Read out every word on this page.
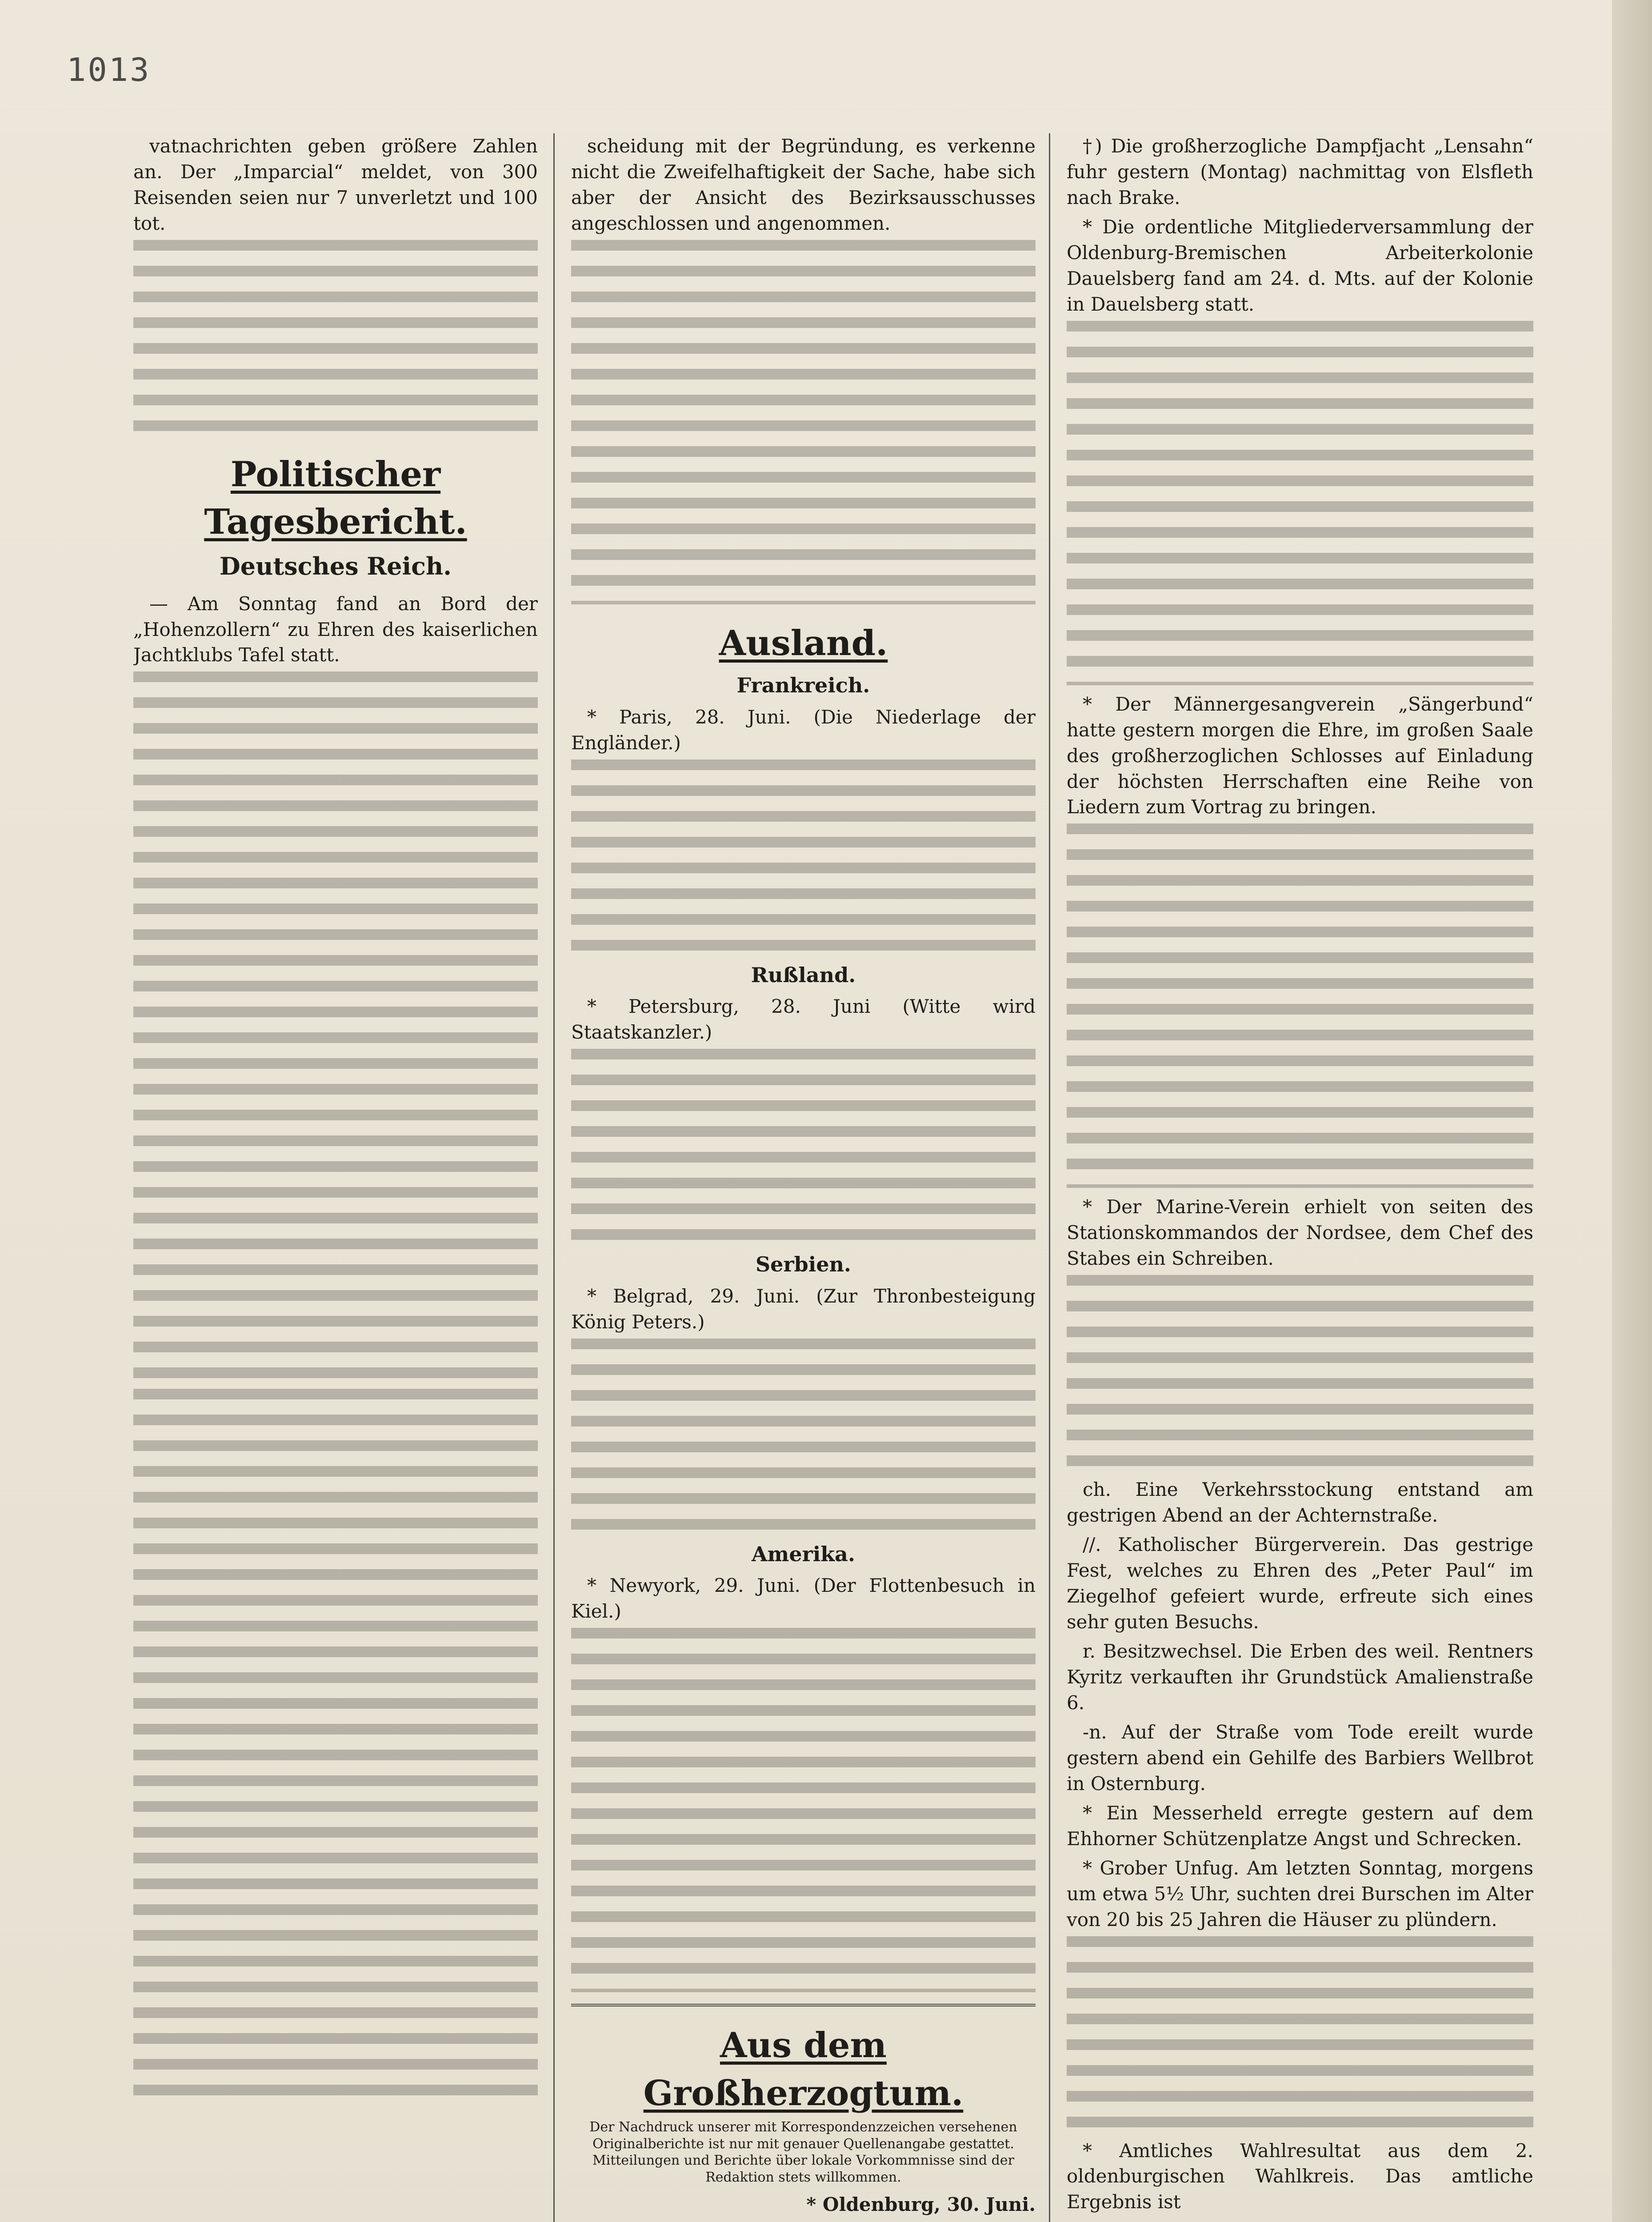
1013

vatnachrichten geben größere Zahlen an. Der „Imparcial“ meldet, von 300 Reisenden seien nur 7 unverletzt und 100 tot.

Politischer Tagesbericht.
Deutsches Reich.

— Am Sonntag fand an Bord der „Hohenzollern“ zu Ehren des kaiserlichen Jachtklubs Tafel statt.

scheidung mit der Begründung, es verkenne nicht die Zweifelhaftigkeit der Sache, habe sich aber der Ansicht des Bezirksausschusses angeschlossen und angenommen.

Ausland.
Frankreich.

* Paris, 28. Juni. (Die Niederlage der Engländer.)

Rußland.

* Petersburg, 28. Juni (Witte wird Staatskanzler.)

Serbien.

* Belgrad, 29. Juni. (Zur Thronbesteigung König Peters.)

Amerika.

* Newyork, 29. Juni. (Der Flottenbesuch in Kiel.)

Aus dem Großherzogtum.
Der Nachdruck unserer mit Korrespondenzzeichen versehenen Originalberichte ist nur mit genauer Quellenangabe gestattet. Mitteilungen und Berichte über lokale Vorkommnisse sind der Redaktion stets willkommen.

* Oldenburg, 30. Juni.

†) Die großherzogliche Dampfjacht „Lensahn“ fuhr gestern (Montag) nachmittag von Elsfleth nach Brake.

* Die ordentliche Mitgliederversammlung der Oldenburg-Bremischen Arbeiterkolonie Dauelsberg fand am 24. d. Mts. auf der Kolonie in Dauelsberg statt.

* Der Männergesangverein „Sängerbund“ hatte gestern morgen die Ehre, im großen Saale des großherzoglichen Schlosses auf Einladung der höchsten Herrschaften eine Reihe von Liedern zum Vortrag zu bringen.

* Der Marine-Verein erhielt von seiten des Stationskommandos der Nordsee, dem Chef des Stabes ein Schreiben.

ch. Eine Verkehrsstockung entstand am gestrigen Abend an der Achternstraße.

//. Katholischer Bürgerverein. Das gestrige Fest, welches zu Ehren des „Peter Paul“ im Ziegelhof gefeiert wurde, erfreute sich eines sehr guten Besuchs.

r. Besitzwechsel. Die Erben des weil. Rentners Kyritz verkauften ihr Grundstück Amalienstraße 6.

-n. Auf der Straße vom Tode ereilt wurde gestern abend ein Gehilfe des Barbiers Wellbrot in Osternburg.

* Ein Messerheld erregte gestern auf dem Ehhorner Schützenplatze Angst und Schrecken.

* Grober Unfug. Am letzten Sonntag, morgens um etwa 5½ Uhr, suchten drei Burschen im Alter von 20 bis 25 Jahren die Häuser zu plündern.

* Amtliches Wahlresultat aus dem 2. oldenburgischen Wahlkreis. Das amtliche Ergebnis ist
